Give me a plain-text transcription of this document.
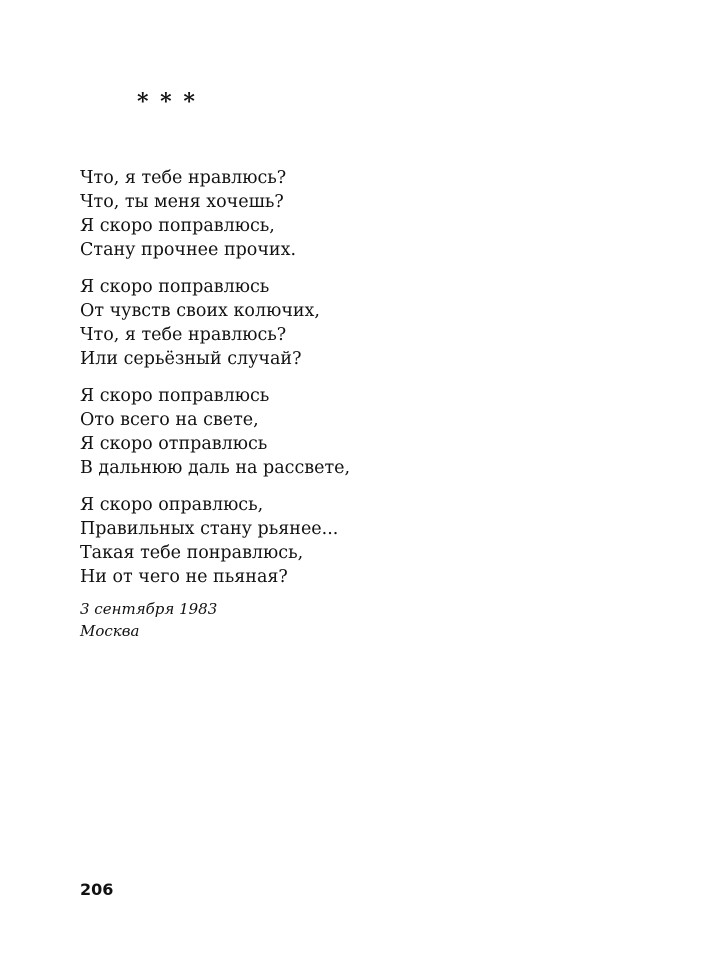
* * *
Что, я тебе нравлюсь?
Что, ты меня хочешь?
Я скоро поправлюсь,
Стану прочнее прочих.
Я скоро поправлюсь
От чувств своих колючих,
Что, я тебе нравлюсь?
Или серьёзный случай?
Я скоро поправлюсь
Ото всего на свете,
Я скоро отправлюсь
В дальнюю даль на рассвете,
Я скоро оправлюсь,
Правильных стану рьянее...
Такая тебе понравлюсь,
Ни от чего не пьяная?
3 сентября 1983
Москва
206
